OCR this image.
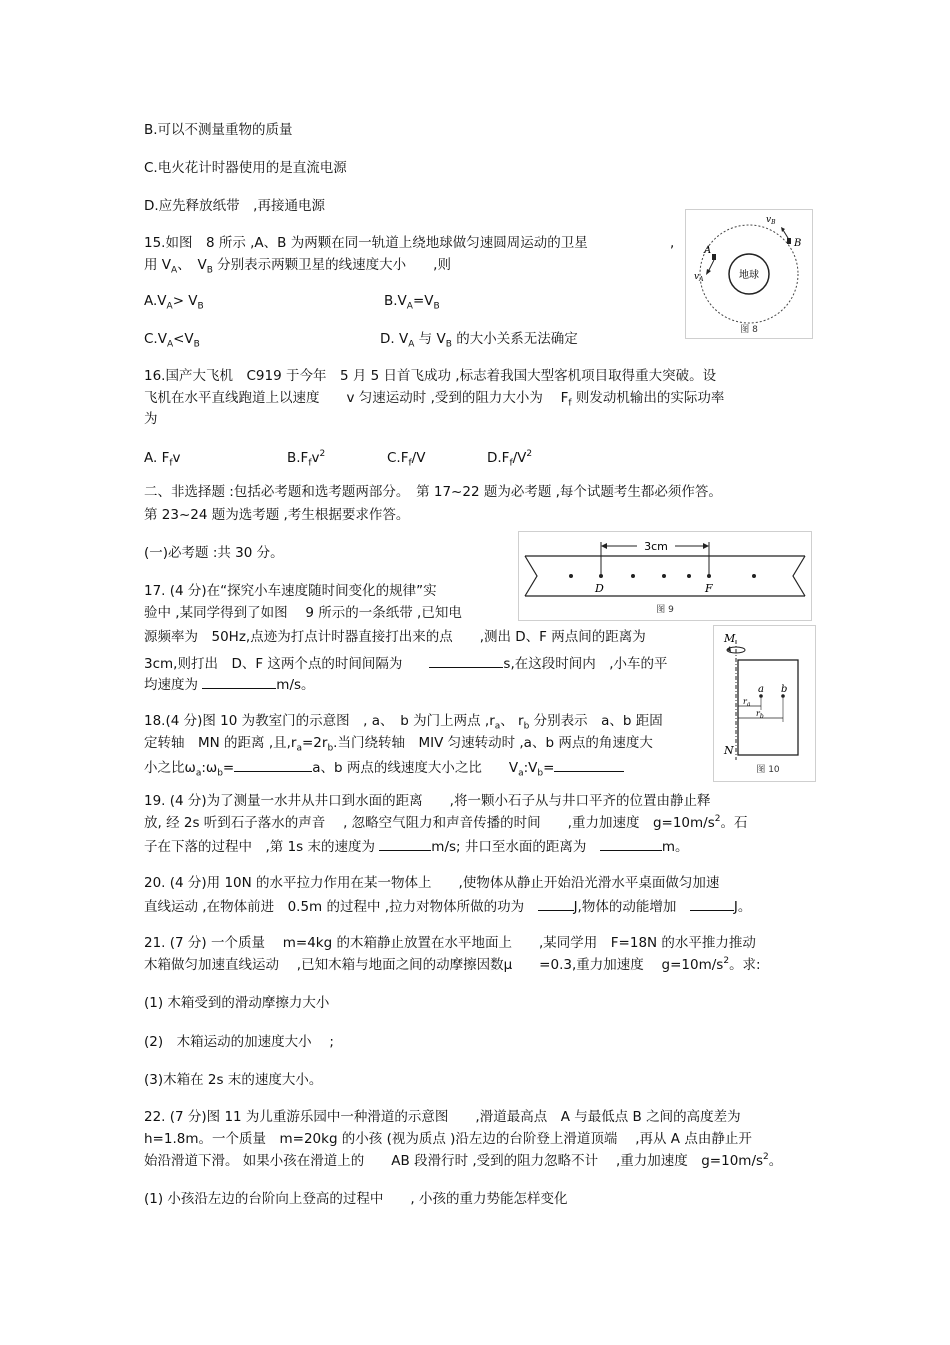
B.可以不测量重物的质量
C.电火花计时器使用的是直流电源
D.应先释放纸带　,再接通电源
15.如图　8 所示 ,A、B 为两颗在同一轨道上绕地球做匀速圆周运动的卫星	,
用 $V_A$、　$V_B$ 分别表示两颗卫星的线速度大小　　,则
$A.V_A> V_B$	$B.V_A=V_B$
$C.V_A<V_B$	D. $V_A$ 与 $V_B$ 的大小关系无法确定
地球
A
B
$v_A$
$v_B$
图 8
16.国产大飞机　C919 于今年　5 月 5 日首飞成功 ,标志着我国大型客机项目取得重大突破。设
飞机在水平直线跑道上以速度　　v 匀速运动时 ,受到的阻力大小为　 $F_f$ 则发动机输出的实际功率
为
A. $F_fv$	$B.F_fv^2$	$C.F_f/V$	$D.F_f/V^2$
二、非选择题 :包括必考题和选考题两部分。　第 17~22 题为必考题 ,每个试题考生都必须作答。
第 23~24 题为选考题 ,考生根据要求作答。
(一)必考题 :共 30 分。	3cm
D	F
图 9
17. (4 分)在“探究小车速度随时间变化的规律”实
验中 ,某同学得到了如图　 9 所示的一条纸带 ,已知电
源频率为　50Hz,点迹为打点计时器直接打出来的点　　,测出 D、F 两点间的距离为
3cm,则打出　D、F 这两个点的时间间隔为　　	s,在这段时间内　,小车的平
均速度为	m/s。
M
N
a b
$r_a$
$r_b$
图 10
18.(4 分)图 10 为教室门的示意图　, a、　b 为门上两点 $,r_a$、 $r_b$ 分别表示　a、b 距固
定转轴　MN 的距离 ,且$,r_a=2r_b$.当门绕转轴　MIV 匀速转动时 ,a、b 两点的角速度大
小之比$\omega_a:\omega_b=$	a、b 两点的线速度大小之比　　$V_a:V_b=$
19. (4 分)为了测量一水井从井口到水面的距离　　,将一颗小石子从与井口平齐的位置由静止释
放, 经 2s 听到石子落水的声音　 , 忽略空气阻力和声音传播的时间　　,重力加速度　$g=10m/s^2$。石
子在下落的过程中　,第 1s 末的速度为	m/s; 井口至水面的距离为　	m。
20. (4 分)用 10N 的水平拉力作用在某一物体上　　,使物体从静止开始沿光滑水平桌面做匀加速
直线运动 ,在物体前进　0.5m 的过程中 ,拉力对物体所做的功为　	J,物体的动能增加　	J。
21. (7 分) 一个质量　 m=4kg 的木箱静止放置在水平地面上　　,某同学用　F=18N 的水平推力推动
木箱做匀加速直线运动　 ,已知木箱与地面之间的动摩擦因数μ　　=0.3,重力加速度　 $g=10m/s^2$。求:
(1) 木箱受到的滑动摩擦力大小
(2)　木箱运动的加速度大小　 ;
(3)木箱在 2s 末的速度大小。
22. (7 分)图 11 为儿重游乐园中一种滑道的示意图　　,滑道最高点　A 与最低点 B 之间的高度差为
h=1.8m。一个质量　m=20kg 的小孩 (视为质点 )沿左边的台阶登上滑道顶端　 ,再从 A 点由静止开
始沿滑道下滑。 如果小孩在滑道上的　　AB 段滑行时 ,受到的阻力忽略不计　 ,重力加速度　$g=10m/s^2$。
(1) 小孩沿左边的台阶向上登高的过程中　　, 小孩的重力势能怎样变化
